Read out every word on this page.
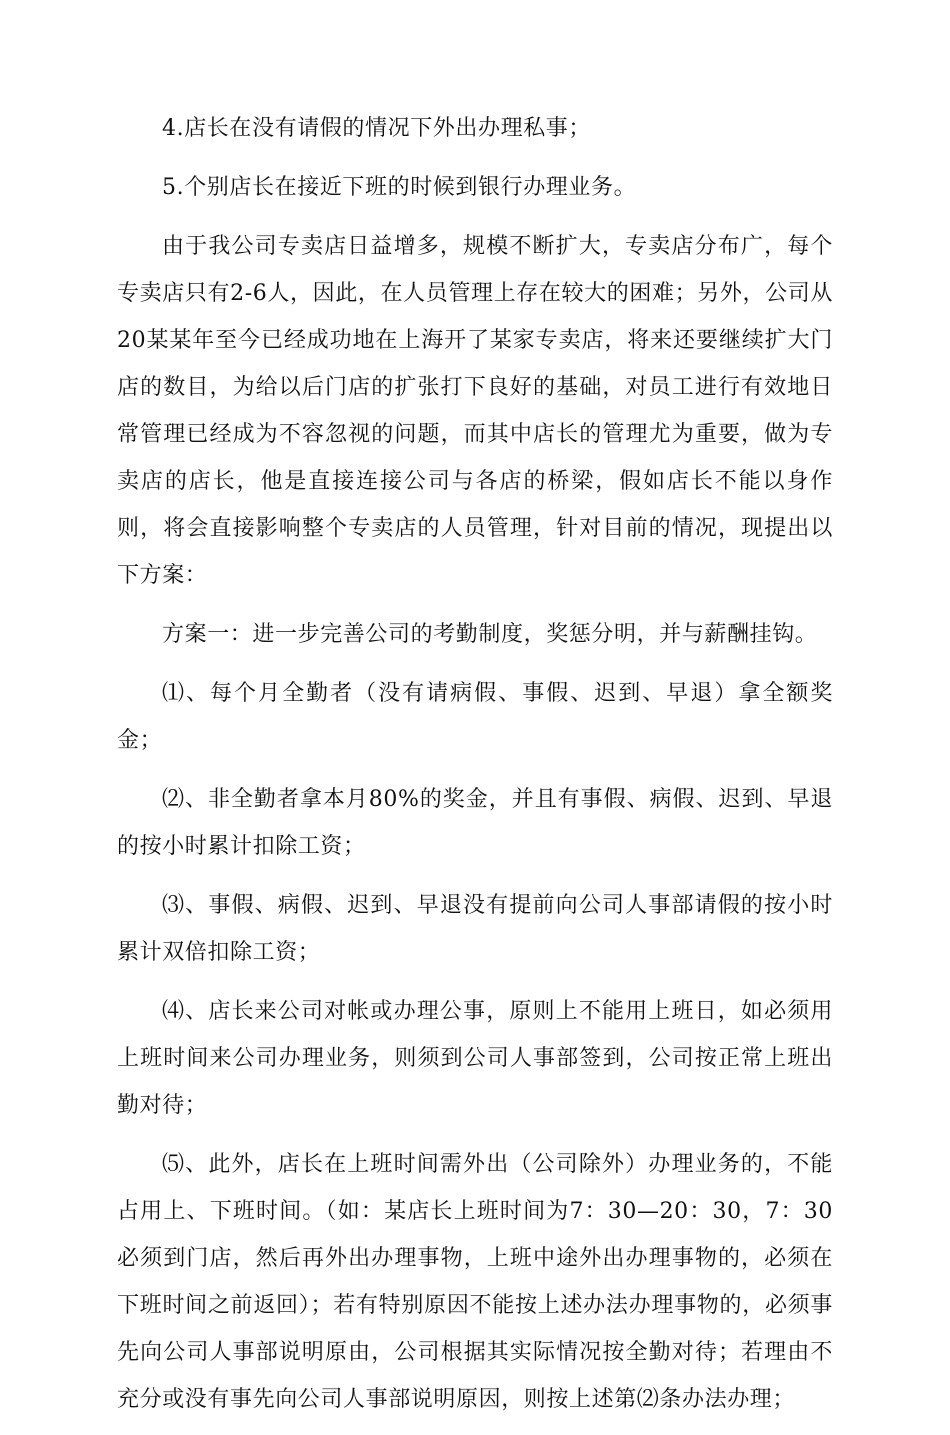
4.店长在没有请假的情况下外出办理私事；

5.个别店长在接近下班的时候到银行办理业务。

由于我公司专卖店日益增多，规模不断扩大，专卖店分布广，每个专卖店只有2-6人，因此，在人员管理上存在较大的困难；另外，公司从20某某年至今已经成功地在上海开了某家专卖店，将来还要继续扩大门店的数目，为给以后门店的扩张打下良好的基础，对员工进行有效地日常管理已经成为不容忽视的问题，而其中店长的管理尤为重要，做为专卖店的店长，他是直接连接公司与各店的桥梁，假如店长不能以身作则，将会直接影响整个专卖店的人员管理，针对目前的情况，现提出以下方案：

方案一：进一步完善公司的考勤制度，奖惩分明，并与薪酬挂钩。

⑴、每个月全勤者（没有请病假、事假、迟到、早退）拿全额奖金；

⑵、非全勤者拿本月80%的奖金，并且有事假、病假、迟到、早退的按小时累计扣除工资；

⑶、事假、病假、迟到、早退没有提前向公司人事部请假的按小时累计双倍扣除工资；

⑷、店长来公司对帐或办理公事，原则上不能用上班日，如必须用上班时间来公司办理业务，则须到公司人事部签到，公司按正常上班出勤对待；

⑸、此外，店长在上班时间需外出（公司除外）办理业务的，不能占用上、下班时间。（如：某店长上班时间为7：30—20：30，7：30必须到门店，然后再外出办理事物，上班中途外出办理事物的，必须在下班时间之前返回）；若有特别原因不能按上述办法办理事物的，必须事先向公司人事部说明原由，公司根据其实际情况按全勤对待；若理由不充分或没有事先向公司人事部说明原因，则按上述第⑵条办法办理；
